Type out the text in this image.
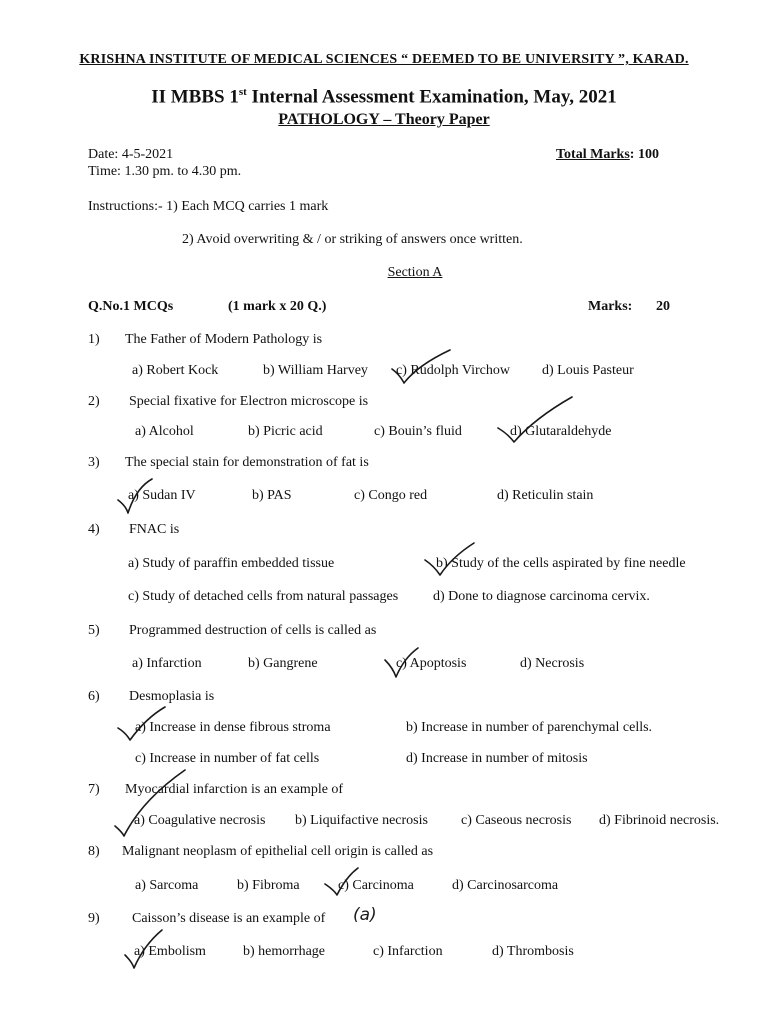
KRISHNA INSTITUTE OF MEDICAL SCIENCES “ DEEMED TO BE UNIVERSITY ”, KARAD.
II MBBS 1st Internal Assessment Examination, May, 2021
PATHOLOGY – Theory Paper
Date: 4-5-2021
Time: 1.30 pm. to 4.30 pm.
Total Marks: 100
Instructions:- 1) Each MCQ carries 1 mark
2) Avoid overwriting & / or striking of answers once written.
Section A
Q.No.1 MCQs	(1 mark x 20 Q.)	Marks: 20
1) The Father of Modern Pathology is
a) Robert Kock	b) William Harvey c) Rudolph Virchow d) Louis Pasteur
2) Special fixative for Electron microscope is
a) Alcohol	b) Picric acid	c) Bouin’s fluid	d) Glutaraldehyde
3) The special stain for demonstration of fat is
a) Sudan IV	b) PAS	c) Congo red	d) Reticulin stain
4) FNAC is
a) Study of paraffin embedded tissue	b) Study of the cells aspirated by fine needle
c) Study of detached cells from natural passages d) Done to diagnose carcinoma cervix.
5) Programmed destruction of cells is called as
a) Infarction	b) Gangrene	c) Apoptosis	d) Necrosis
6) Desmoplasia is
a) Increase in dense fibrous stroma	b) Increase in number of parenchymal cells.
c) Increase in number of fat cells	d) Increase in number of mitosis
7) Myocardial infarction is an example of
a) Coagulative necrosis b) Liquifactive necrosis c) Caseous necrosis d) Fibrinoid necrosis.
8) Malignant neoplasm of epithelial cell origin is called as
a) Sarcoma	b) Fibroma	c) Carcinoma	d) Carcinosarcoma
9) Caisson’s disease is an example of (a)
a) Embolism	b) hemorrhage	c) Infarction	d) Thrombosis
